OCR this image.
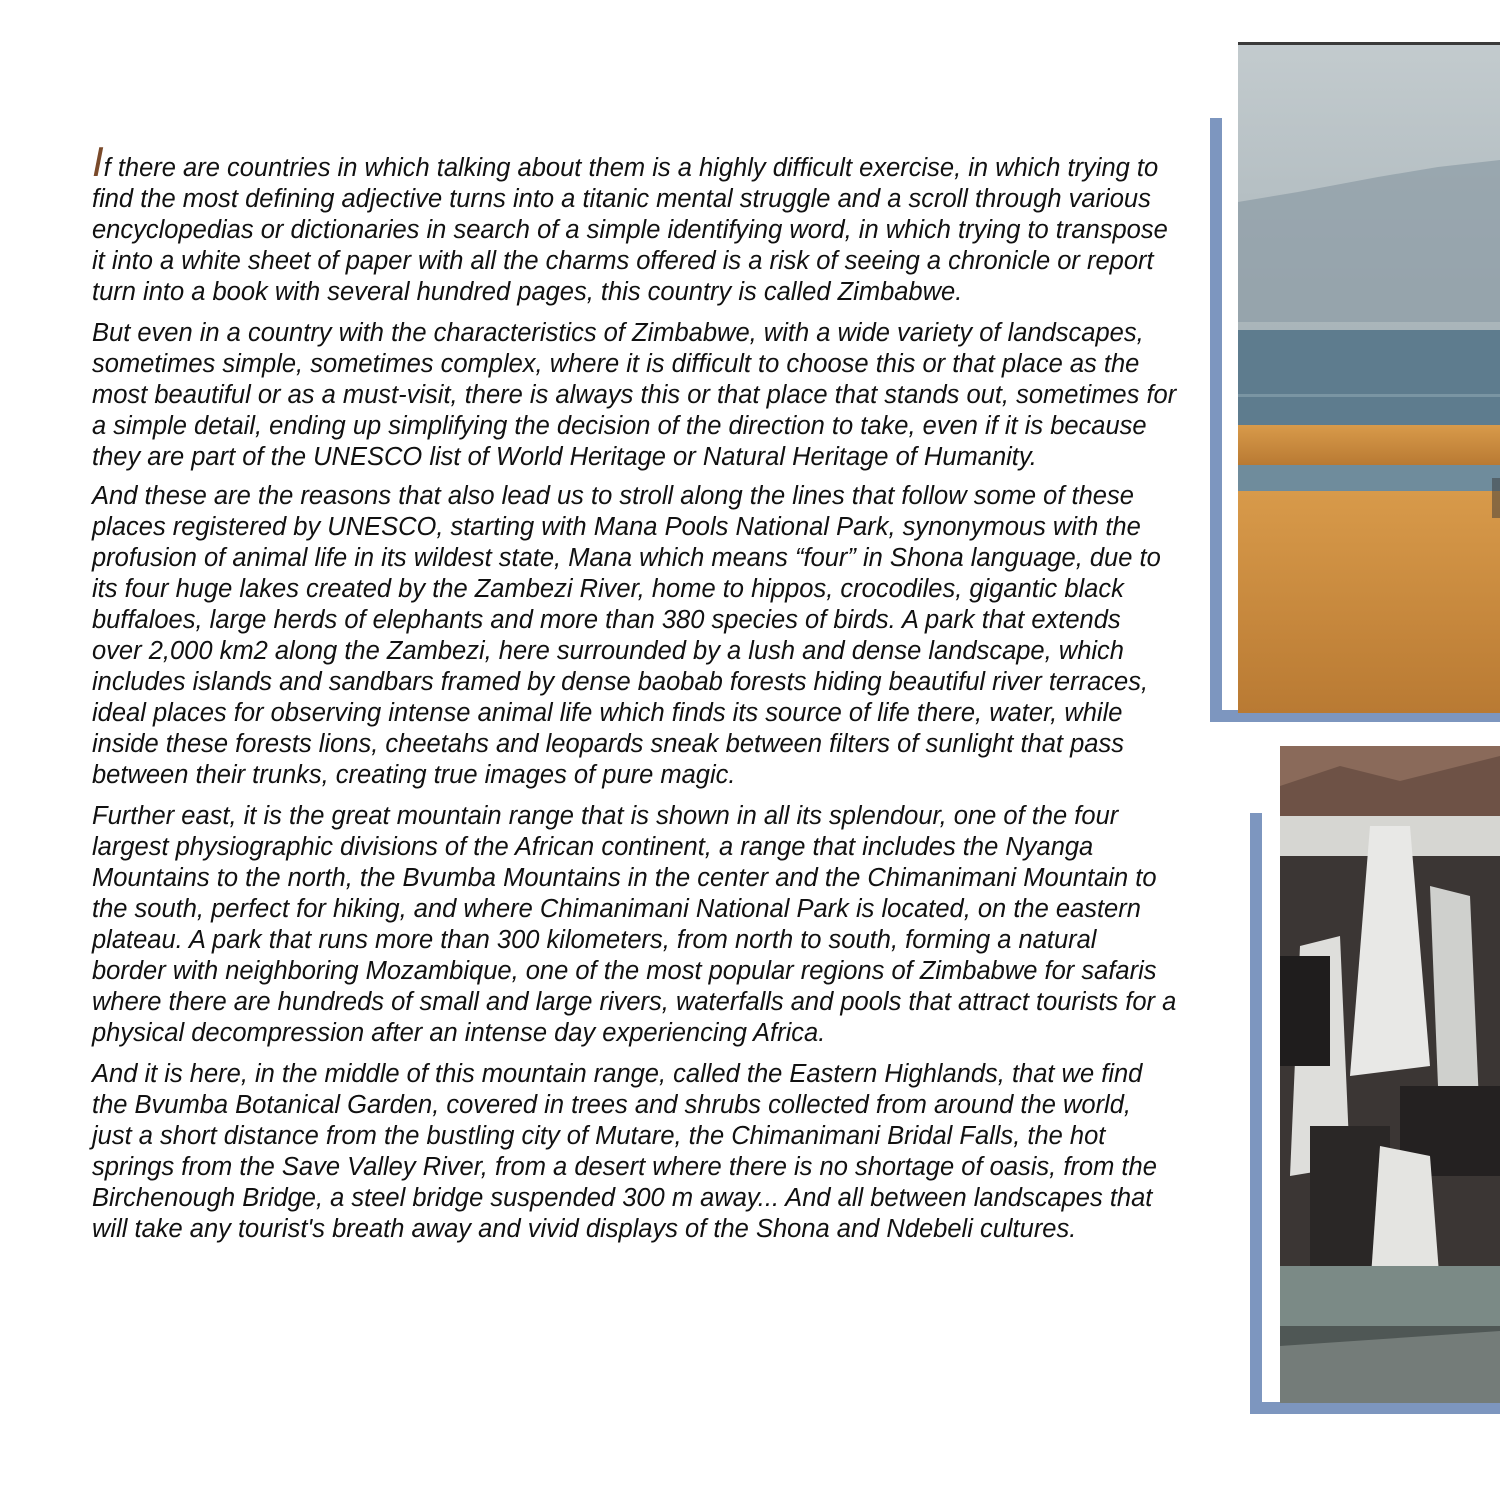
If there are countries in which talking about them is a highly difficult exercise, in which trying to find the most defining adjective turns into a titanic mental struggle and a scroll through various encyclopedias or dictionaries in search of a simple identifying word, in which trying to transpose it into a white sheet of paper with all the charms offered is a risk of seeing a chronicle or report turn into a book with several hundred pages, this country is called Zimbabwe.

But even in a country with the characteristics of Zimbabwe, with a wide variety of landscapes, sometimes simple, sometimes complex, where it is difficult to choose this or that place as the most beautiful or as a must-visit, there is always this or that place that stands out, sometimes for a simple detail, ending up simplifying the decision of the direction to take, even if it is because they are part of the UNESCO list of World Heritage or Natural Heritage of Humanity.

And these are the reasons that also lead us to stroll along the lines that follow some of these places registered by UNESCO, starting with Mana Pools National Park, synonymous with the profusion of animal life in its wildest state, Mana which means “four” in Shona language, due to its four huge lakes created by the Zambezi River, home to hippos, crocodiles, gigantic black buffaloes, large herds of elephants and more than 380 species of birds. A park that extends over 2,000 km2 along the Zambezi, here surrounded by a lush and dense landscape, which includes islands and sandbars framed by dense baobab forests hiding beautiful river terraces, ideal places for observing intense animal life which finds its source of life there, water, while inside these forests lions, cheetahs and leopards sneak between filters of sunlight that pass between their trunks, creating true images of pure magic.

Further east, it is the great mountain range that is shown in all its splendour, one of the four largest physiographic divisions of the African continent, a range that includes the Nyanga Mountains to the north, the Bvumba Mountains in the center and the Chimanimani Mountain to the south, perfect for hiking, and where Chimanimani National Park is located, on the eastern plateau. A park that runs more than 300 kilometers, from north to south, forming a natural border with neighboring Mozambique, one of the most popular regions of Zimbabwe for safaris where there are hundreds of small and large rivers, waterfalls and pools that attract tourists for a physical decompression after an intense day experiencing Africa.

And it is here, in the middle of this mountain range, called the Eastern Highlands, that we find the Bvumba Botanical Garden, covered in trees and shrubs collected from around the world, just a short distance from the bustling city of Mutare, the Chimanimani Bridal Falls, the hot springs from the Save Valley River, from a desert where there is no shortage of oasis, from the Birchenough Bridge, a steel bridge suspended 300 m away... And all between landscapes that will take any tourist's breath away and vivid displays of the Shona and Ndebeli cultures.
